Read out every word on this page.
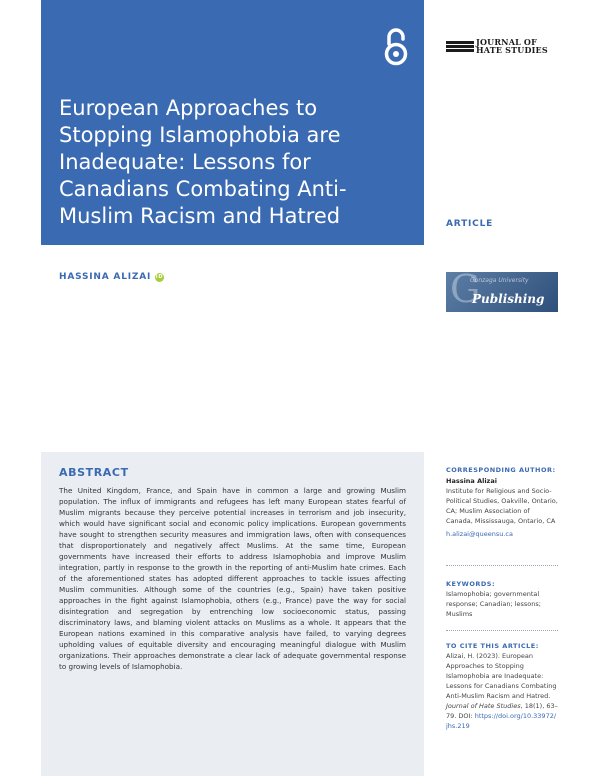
European Approaches to Stopping Islamophobia are Inadequate: Lessons for Canadians Combating Anti-Muslim Racism and Hatred
JOURNAL OF
HATE STUDIES
ARTICLE
HASSINA ALIZAI iD	G
Gonzaga University
Publishing
ABSTRACT

The United Kingdom, France, and Spain have in common a large and growing Muslim population. The influx of immigrants and refugees has left many European states fearful of Muslim migrants because they perceive potential increases in terrorism and job insecurity, which would have significant social and economic policy implications. European governments have sought to strengthen security measures and immigration laws, often with consequences that disproportionately and negatively affect Muslims. At the same time, European governments have increased their efforts to address Islamophobia and improve Muslim integration, partly in response to the growth in the reporting of anti-Muslim hate crimes. Each of the aforementioned states has adopted different approaches to tackle issues affecting Muslim communities. Although some of the countries (e.g., Spain) have taken positive approaches in the fight against Islamophobia, others (e.g., France) pave the way for social disintegration and segregation by entrenching low socioeconomic status, passing discriminatory laws, and blaming violent attacks on Muslims as a whole. It appears that the European nations examined in this comparative analysis have failed, to varying degrees upholding values of equitable diversity and encouraging meaningful dialogue with Muslim organizations. Their approaches demonstrate a clear lack of adequate governmental response to growing levels of Islamophobia.

CORRESPONDING AUTHOR:
Hassina Alizai
Institute for Religious and Socio-
Political Studies, Oakville, Ontario,
CA; Muslim Association of
Canada, Mississauga, Ontario, CA
h.alizai@queensu.ca
KEYWORDS:
Islamophobia; governmental
response; Canadian; lessons;
Muslims
TO CITE THIS ARTICLE:
Alizai, H. (2023). European
Approaches to Stopping
Islamophobia are Inadequate:
Lessons for Canadians Combating
Anti-Muslim Racism and Hatred.
Journal of Hate Studies, 18(1), 63–
79. DOI: https://doi.org/10.33972/
jhs.219
